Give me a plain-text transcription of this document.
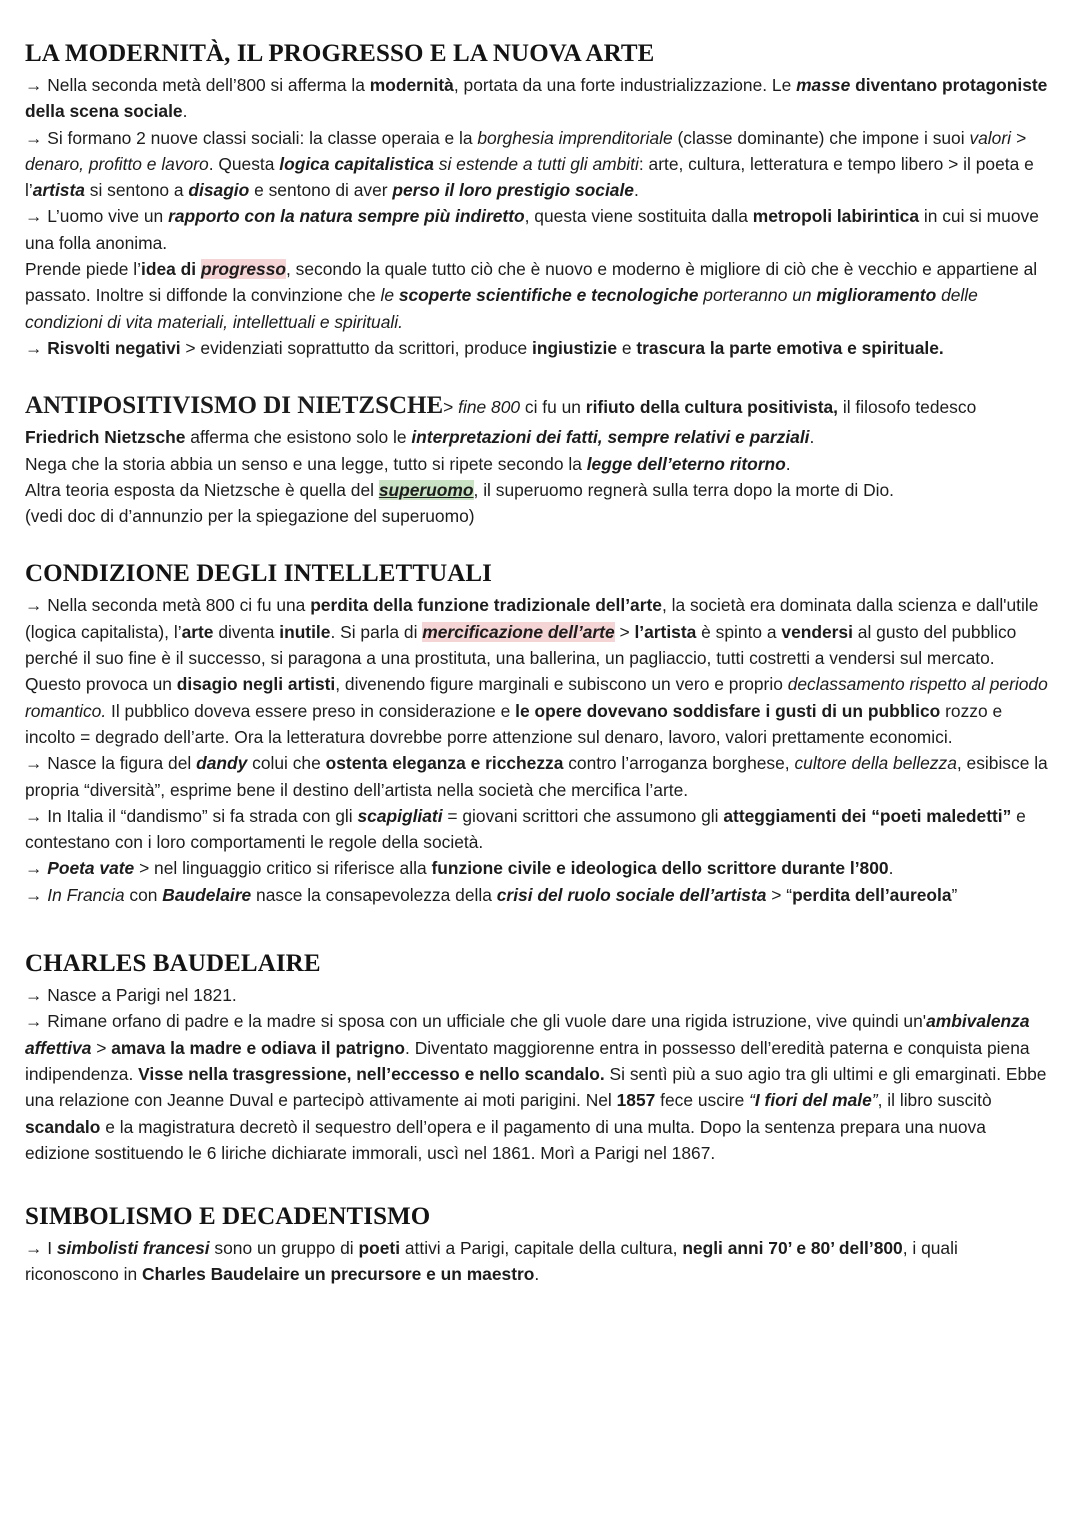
LA MODERNITÀ, IL PROGRESSO E LA NUOVA ARTE

→ Nella seconda metà dell’800 si afferma la modernità, portata da una forte industrializzazione. Le masse diventano protagoniste della scena sociale.
→ Si formano 2 nuove classi sociali: la classe operaia e la borghesia imprenditoriale (classe dominante) che impone i suoi valori > denaro, profitto e lavoro. Questa logica capitalistica si estende a tutti gli ambiti: arte, cultura, letteratura e tempo libero > il poeta e l’artista si sentono a disagio e sentono di aver perso il loro prestigio sociale.
→ L’uomo vive un rapporto con la natura sempre più indiretto, questa viene sostituita dalla metropoli labirintica in cui si muove una folla anonima.
Prende piede l’idea di progresso, secondo la quale tutto ciò che è nuovo e moderno è migliore di ciò che è vecchio e appartiene al passato. Inoltre si diffonde la convinzione che le scoperte scientifiche e tecnologiche porteranno un miglioramento delle condizioni di vita materiali, intellettuali e spirituali.
→ Risvolti negativi > evidenziati soprattutto da scrittori, produce ingiustizie e trascura la parte emotiva e spirituale.

ANTIPOSITIVISMO DI NIETZSCHE> fine 800 ci fu un rifiuto della cultura positivista, il filosofo tedesco Friedrich Nietzsche afferma che esistono solo le interpretazioni dei fatti, sempre relativi e parziali.
Nega che la storia abbia un senso e una legge, tutto si ripete secondo la legge dell’eterno ritorno.
Altra teoria esposta da Nietzsche è quella del superuomo, il superuomo regnerà sulla terra dopo la morte di Dio.
(vedi doc di d’annunzio per la spiegazione del superuomo)

CONDIZIONE DEGLI INTELLETTUALI

→ Nella seconda metà 800 ci fu una perdita della funzione tradizionale dell’arte, la società era dominata dalla scienza e dall'utile (logica capitalista), l’arte diventa inutile. Si parla di mercificazione dell’arte > l’artista è spinto a vendersi al gusto del pubblico perché il suo fine è il successo, si paragona a una prostituta, una ballerina, un pagliaccio, tutti costretti a vendersi sul mercato. Questo provoca un disagio negli artisti, divenendo figure marginali e subiscono un vero e proprio declassamento rispetto al periodo romantico. Il pubblico doveva essere preso in considerazione e le opere dovevano soddisfare i gusti di un pubblico rozzo e incolto = degrado dell’arte. Ora la letteratura dovrebbe porre attenzione sul denaro, lavoro, valori prettamente economici.
→ Nasce la figura del dandy colui che ostenta eleganza e ricchezza contro l’arroganza borghese, cultore della bellezza, esibisce la propria “diversità”, esprime bene il destino dell’artista nella società che mercifica l’arte.
→ In Italia il “dandismo” si fa strada con gli scapigliati = giovani scrittori che assumono gli atteggiamenti dei “poeti maledetti” e contestano con i loro comportamenti le regole della società.
→ Poeta vate > nel linguaggio critico si riferisce alla funzione civile e ideologica dello scrittore durante l’800.
→ In Francia con Baudelaire nasce la consapevolezza della crisi del ruolo sociale dell’artista > “perdita dell’aureola”

CHARLES BAUDELAIRE

→ Nasce a Parigi nel 1821.
→ Rimane orfano di padre e la madre si sposa con un ufficiale che gli vuole dare una rigida istruzione, vive quindi un'ambivalenza affettiva > amava la madre e odiava il patrigno. Diventato maggiorenne entra in possesso dell’eredità paterna e conquista piena indipendenza. Visse nella trasgressione, nell’eccesso e nello scandalo. Si sentì più a suo agio tra gli ultimi e gli emarginati. Ebbe una relazione con Jeanne Duval e partecipò attivamente ai moti parigini. Nel 1857 fece uscire “I fiori del male”, il libro suscitò scandalo e la magistratura decretò il sequestro dell’opera e il pagamento di una multa. Dopo la sentenza prepara una nuova edizione sostituendo le 6 liriche dichiarate immorali, uscì nel 1861. Morì a Parigi nel 1867.

SIMBOLISMO E DECADENTISMO

→ I simbolisti francesi sono un gruppo di poeti attivi a Parigi, capitale della cultura, negli anni 70’ e 80’ dell’800, i quali riconoscono in Charles Baudelaire un precursore e un maestro.
